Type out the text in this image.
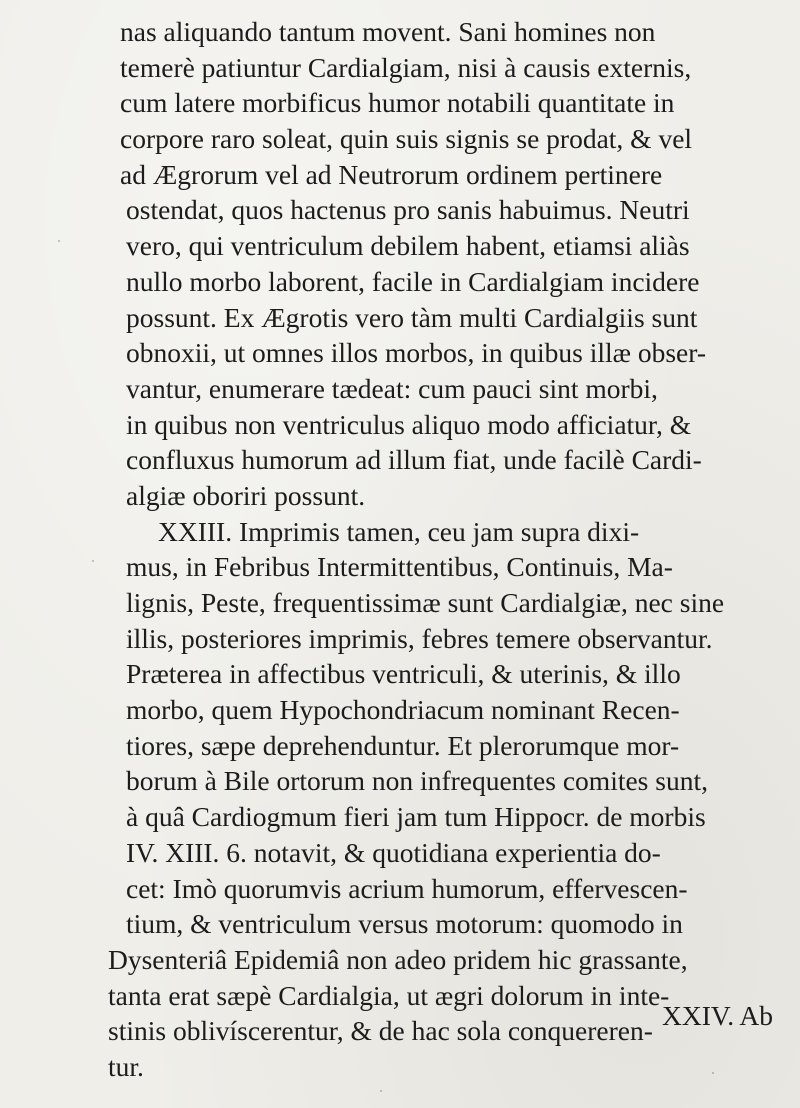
nas aliquando tantum movent. Sani homines non
temerè patiuntur Cardialgiam, nisi à causis externis,
cum latere morbificus humor notabili quantitate in
corpore raro soleat, quin suis signis se prodat, & vel
ad Ægrorum vel ad Neutrorum ordinem pertinere
ostendat, quos hactenus pro sanis habuimus. Neutri
vero, qui ventriculum debilem habent, etiamsi aliàs
nullo morbo laborent, facile in Cardialgiam incidere
possunt. Ex Ægrotis vero tàm multi Cardialgiis sunt
obnoxii, ut omnes illos morbos, in quibus illæ obser-
vantur, enumerare tædeat: cum pauci sint morbi,
in quibus non ventriculus aliquo modo afficiatur, &
confluxus humorum ad illum fiat, unde facilè Cardi-
algiæ oboriri possunt.
XXIII. Imprimis tamen, ceu jam supra dixi-
mus, in Febribus Intermittentibus, Continuis, Ma-
lignis, Peste, frequentissimæ sunt Cardialgiæ, nec sine
illis, posteriores imprimis, febres temere observantur.
Præterea in affectibus ventriculi, & uterinis, & illo
morbo, quem Hypochondriacum nominant Recen-
tiores, sæpe deprehenduntur. Et plerorumque mor-
borum à Bile ortorum non infrequentes comites sunt,
à quâ Cardiogmum fieri jam tum Hippocr. de morbis
IV. XIII. 6. notavit, & quotidiana experientia do-
cet: Imò quorumvis acrium humorum, effervescen-
tium, & ventriculum versus motorum: quomodo in
Dysenteriâ Epidemiâ non adeo pridem hic grassante,
tanta erat sæpè Cardialgia, ut ægri dolorum in inte-
stinis oblivíscerentur, & de hac sola conquereren-
tur.
XXIV. Ab
